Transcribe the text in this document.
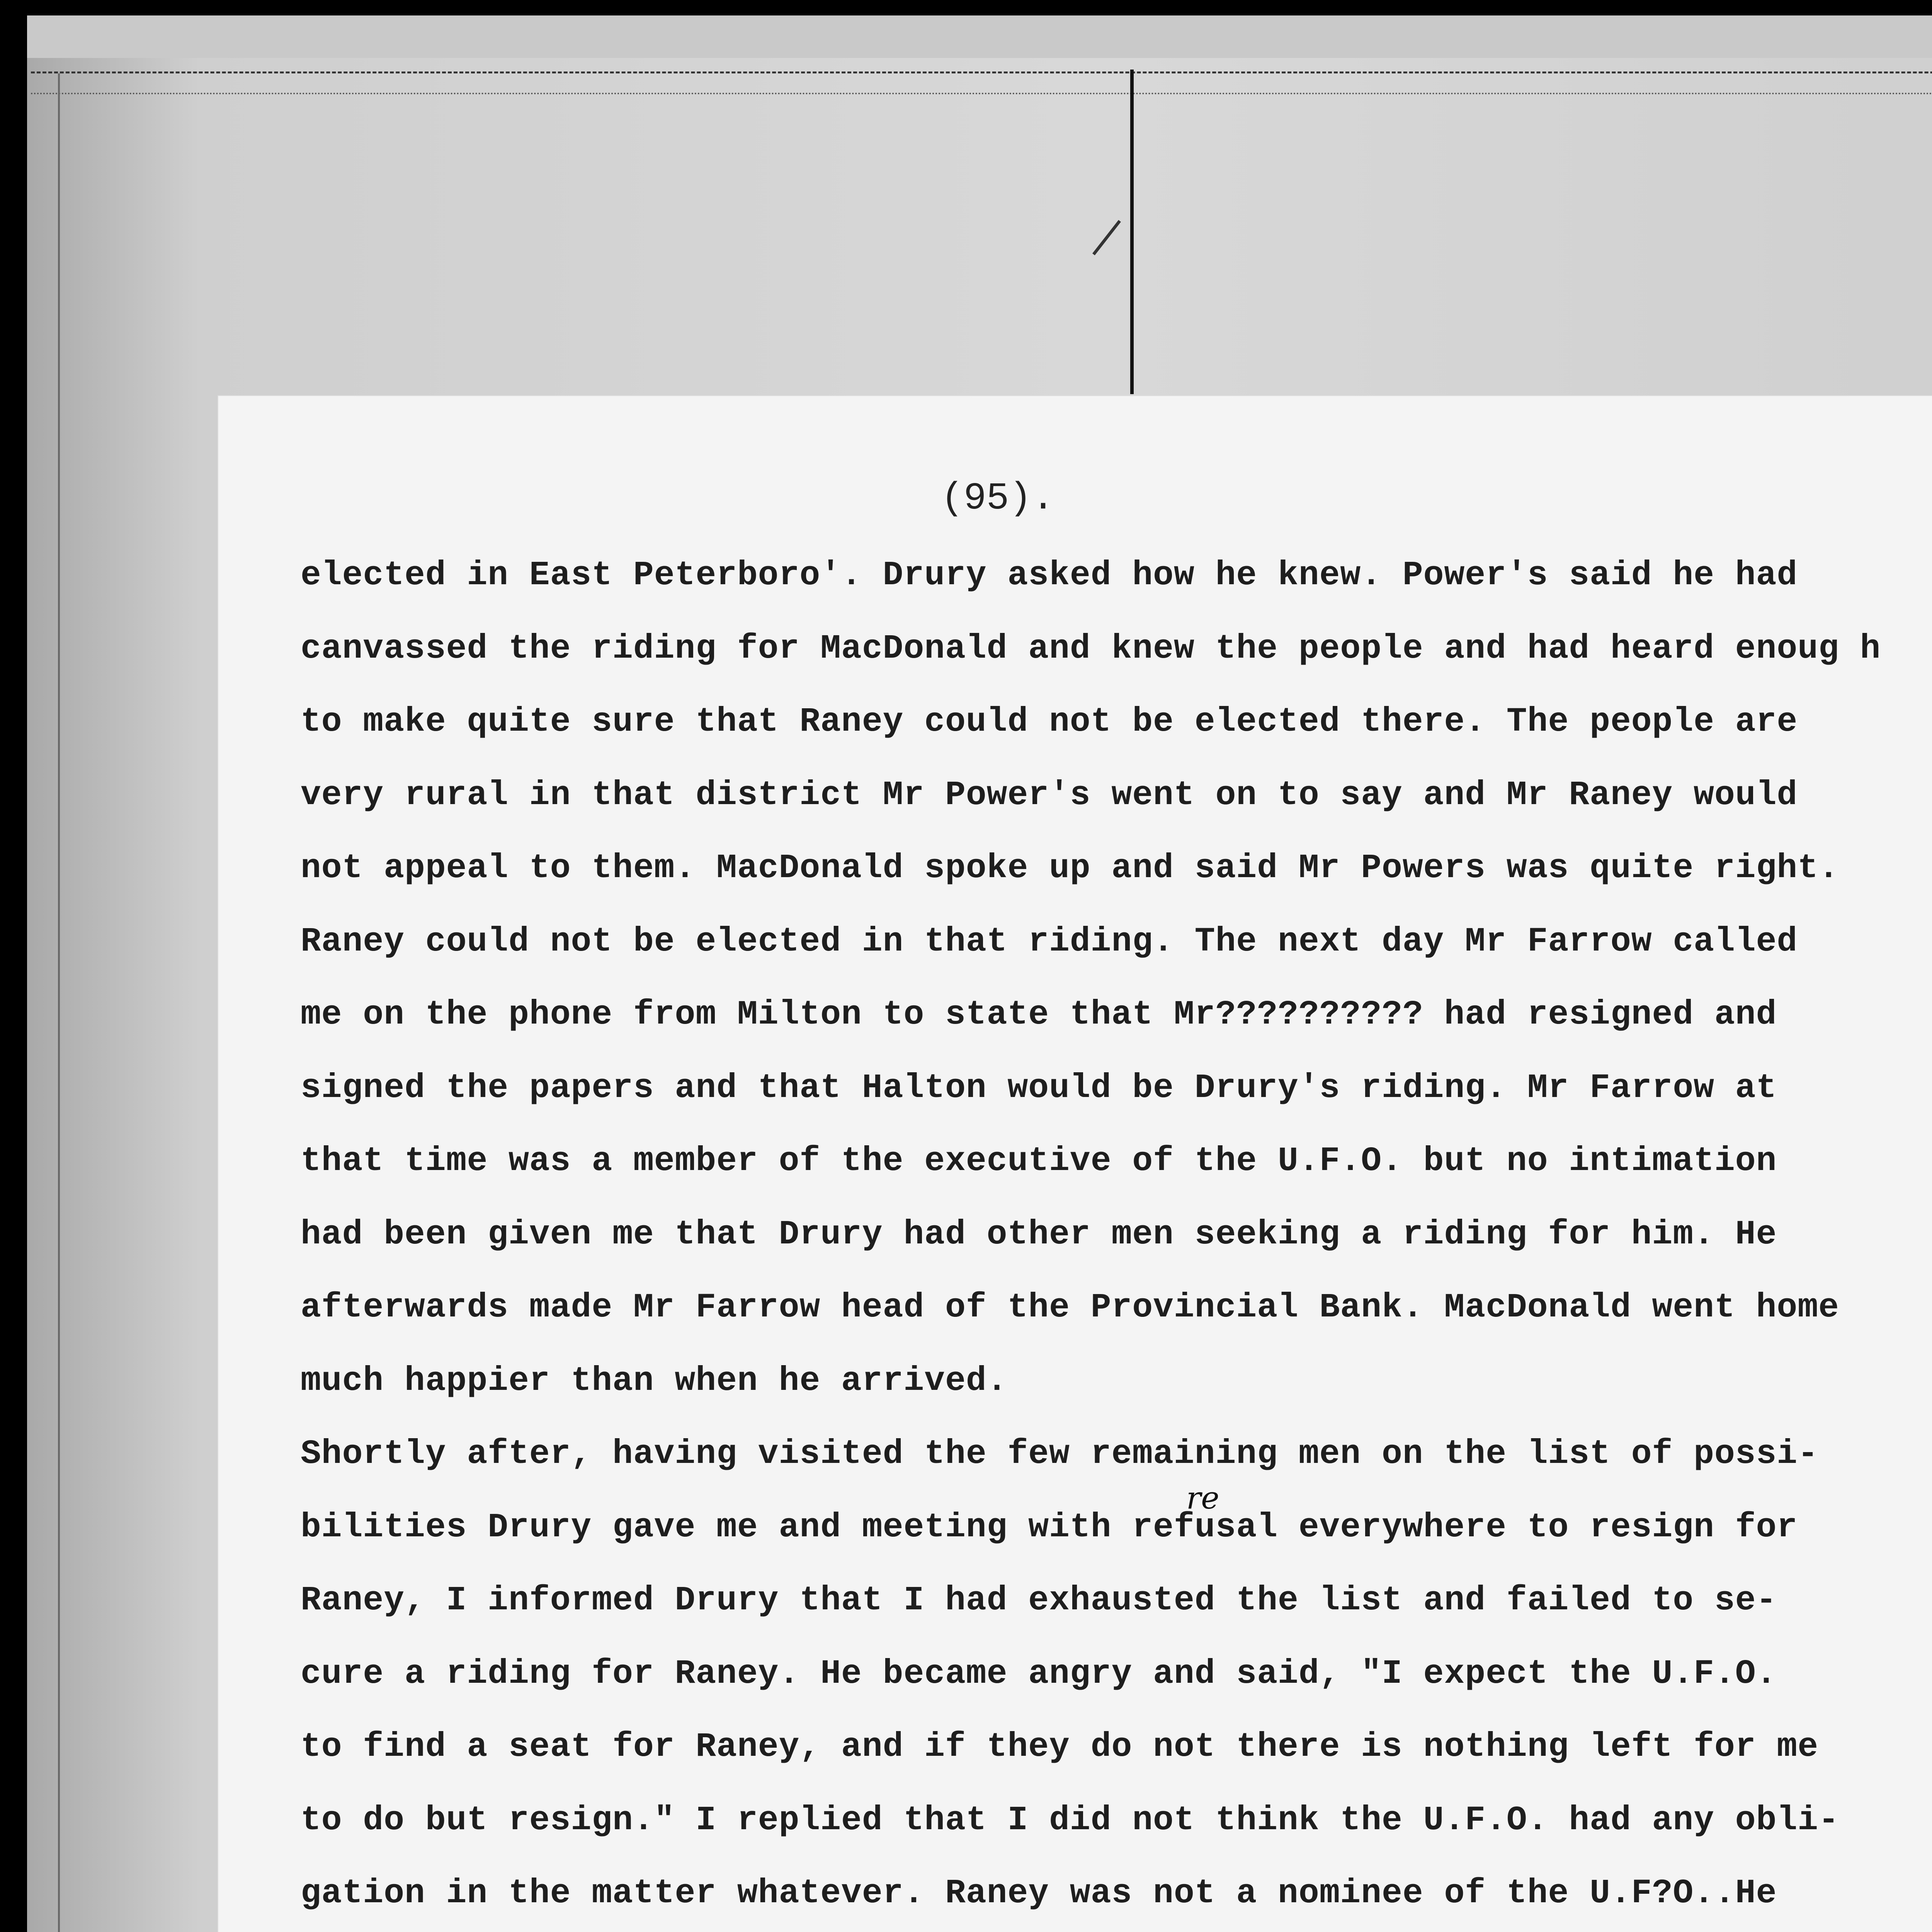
(95).
elected in East Peterboro'. Drury asked how he knew. Power's said he had
canvassed the riding for MacDonald and knew the people and had heard enoug h
to make quite sure that Raney could not be elected there. The people are
very rural in that district Mr Power's went on to say and Mr Raney would
not appeal to them. MacDonald spoke up and said Mr Powers was quite right.
Raney could not be elected in that riding. The next day Mr Farrow called
me on the phone from Milton to state that Mr?????????? had resigned and
signed the papers and that Halton would be Drury's riding. Mr Farrow at
that time was a member of the executive of the U.F.O. but no intimation
had been given me that Drury had other men seeking a riding for him. He
afterwards made Mr Farrow head of the Provincial Bank. MacDonald went home
much happier than when he arrived.
Shortly after, having visited the few remaining men on the list of possi-
bilities Drury gave me and meeting with refusal everywhere to resign for
Raney, I informed Drury that I had exhausted the list and failed to se-
cure a riding for Raney. He became angry and said, "I expect the U.F.O.
to find a seat for Raney, and if they do not there is nothing left for me
to do but resign." I replied that I did not think the U.F.O. had any obli-
gation in the matter whatever. Raney was not a nominee of the U.F?O..He
re
